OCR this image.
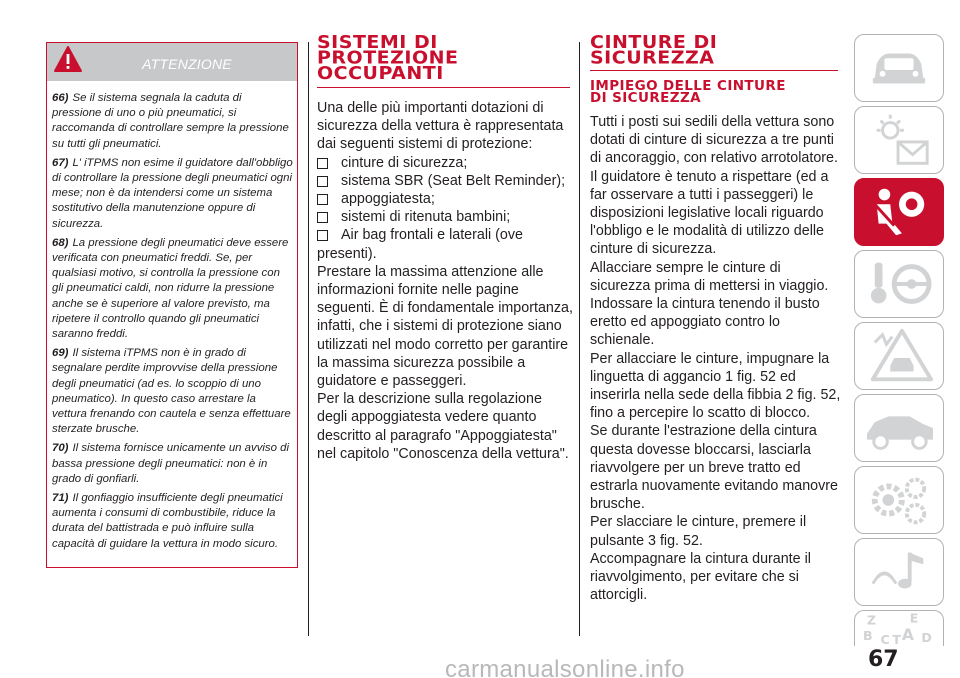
ATTENZIONE

66) Se il sistema segnala la caduta di pressione di uno o più pneumatici, si raccomanda di controllare sempre la pressione su tutti gli pneumatici.

67) L' iTPMS non esime il guidatore dall'obbligo di controllare la pressione degli pneumatici ogni mese; non è da intendersi come un sistema sostitutivo della manutenzione oppure di sicurezza.

68) La pressione degli pneumatici deve essere verificata con pneumatici freddi. Se, per qualsiasi motivo, si controlla la pressione con gli pneumatici caldi, non ridurre la pressione anche se è superiore al valore previsto, ma ripetere il controllo quando gli pneumatici saranno freddi.

69) Il sistema iTPMS non è in grado di segnalare perdite improvvise della pressione degli pneumatici (ad es. lo scoppio di uno pneumatico). In questo caso arrestare la vettura frenando con cautela e senza effettuare sterzate brusche.

70) Il sistema fornisce unicamente un avviso di bassa pressione degli pneumatici: non è in grado di gonfiarli.

71) Il gonfiaggio insufficiente degli pneumatici aumenta i consumi di combustibile, riduce la durata del battistrada e può influire sulla capacità di guidare la vettura in modo sicuro.

SISTEMI DI
PROTEZIONE
OCCUPANTI

Una delle più importanti dotazioni di sicurezza della vettura è rappresentata dai seguenti sistemi di protezione:

cinture di sicurezza;
sistema SBR (Seat Belt Reminder);
appoggiatesta;
sistemi di ritenuta bambini;
Air bag frontali e laterali (ove presenti).

Prestare la massima attenzione alle informazioni fornite nelle pagine seguenti. È di fondamentale importanza, infatti, che i sistemi di protezione siano utilizzati nel modo corretto per garantire la massima sicurezza possibile a guidatore e passeggeri.

Per la descrizione sulla regolazione degli appoggiatesta vedere quanto descritto al paragrafo "Appoggiatesta" nel capitolo "Conoscenza della vettura".

CINTURE DI
SICUREZZA
IMPIEGO DELLE CINTURE
DI SICUREZZA

Tutti i posti sui sedili della vettura sono dotati di cinture di sicurezza a tre punti di ancoraggio, con relativo arrotolatore.

Il guidatore è tenuto a rispettare (ed a far osservare a tutti i passeggeri) le disposizioni legislative locali riguardo l'obbligo e le modalità di utilizzo delle cinture di sicurezza.

Allacciare sempre le cinture di sicurezza prima di mettersi in viaggio.

Indossare la cintura tenendo il busto eretto ed appoggiato contro lo schienale.

Per allacciare le cinture, impugnare la linguetta di aggancio 1 fig. 52 ed inserirla nella sede della fibbia 2 fig. 52, fino a percepire lo scatto di blocco.

Se durante l'estrazione della cintura questa dovesse bloccarsi, lasciarla riavvolgere per un breve tratto ed estrarla nuovamente evitando manovre brusche.

Per slacciare le cinture, premere il pulsante 3 fig. 52.

Accompagnare la cintura durante il riavvolgimento, per evitare che si attorcigli.

Z	E
B A
C T D
67
carmanualsonline.info
